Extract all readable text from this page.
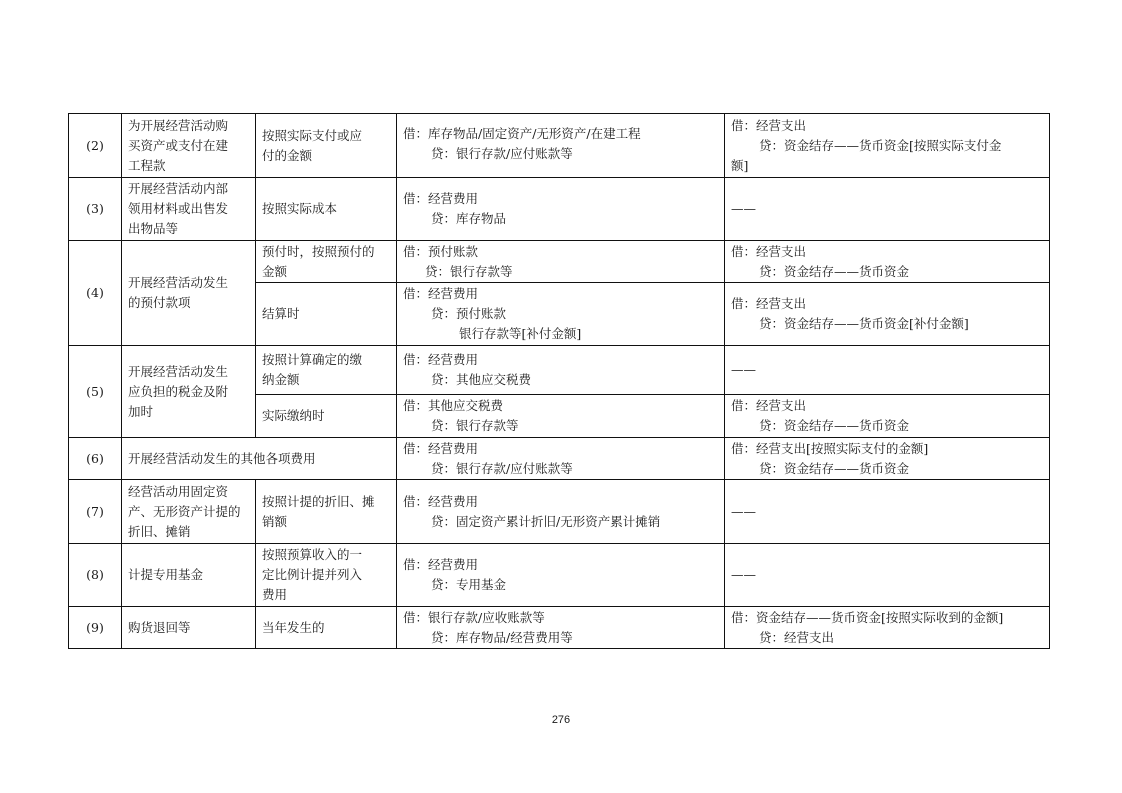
(2)	为开展经营活动购
买资产或支付在建
工程款	按照实际支付或应
付的金额	借：库存物品/固定资产/无形资产/在建工程
贷：银行存款/应付账款等	借：经营支出
贷：资金结存——货币资金[按照实际支付金
额]

(3)	开展经营活动内部
领用材料或出售发
出物品等	按照实际成本	借：经营费用
贷：库存物品	——

(4)	开展经营活动发生
的预付款项	预付时，按照预付的
金额	借：预付账款
贷：银行存款等	借：经营支出
贷：资金结存——货币资金

		结算时	借：经营费用
贷：预付账款
银行存款等[补付金额]	借：经营支出
贷：资金结存——货币资金[补付金额]

(5)	开展经营活动发生
应负担的税金及附
加时	按照计算确定的缴
纳金额	借：经营费用
贷：其他应交税费	——

		实际缴纳时	借：其他应交税费
贷：银行存款等	借：经营支出
贷：资金结存——货币资金

(6)	开展经营活动发生的其他各项费用		借：经营费用
贷：银行存款/应付账款等	借：经营支出[按照实际支付的金额]
贷：资金结存——货币资金

(7)	经营活动用固定资
产、无形资产计提的
折旧、摊销	按照计提的折旧、摊
销额	借：经营费用
贷：固定资产累计折旧/无形资产累计摊销	——

(8)	计提专用基金	按照预算收入的一
定比例计提并列入
费用	借：经营费用
贷：专用基金	——

(9)	购货退回等	当年发生的	借：银行存款/应收账款等
贷：库存物品/经营费用等	借：资金结存——货币资金[按照实际收到的金额]
贷：经营支出
276
